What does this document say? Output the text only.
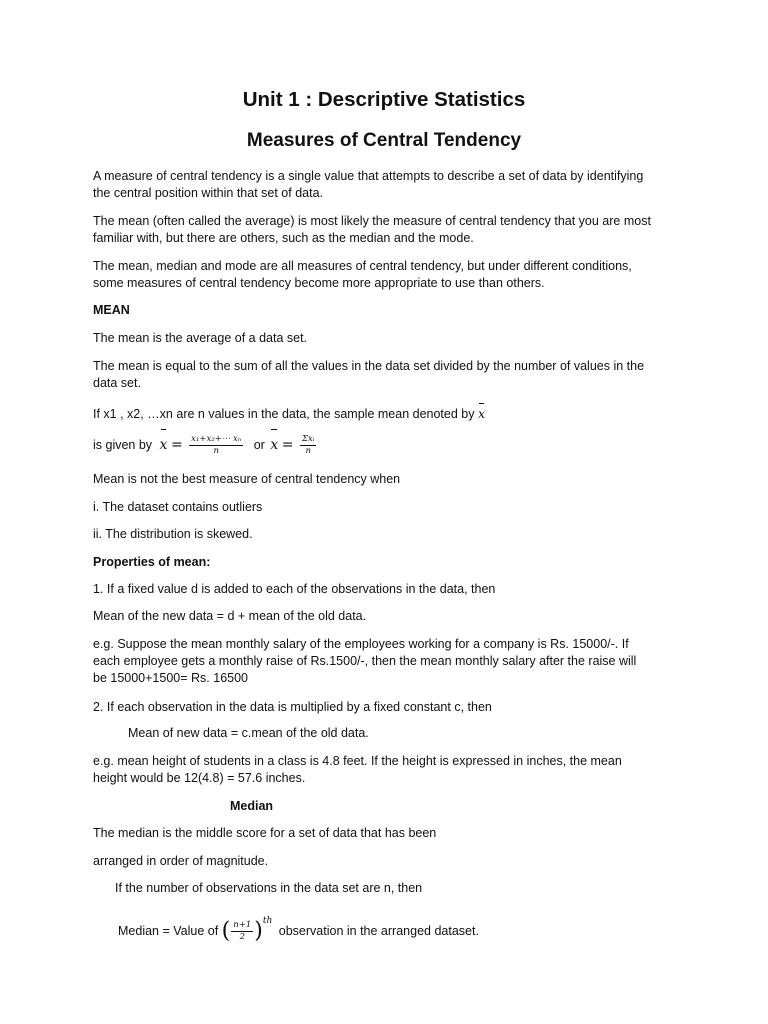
Unit 1 : Descriptive Statistics
Measures of Central Tendency
A measure of central tendency is a single value that attempts to describe a set of data by identifying
the central position within that set of data.
The mean (often called the average) is most likely the measure of central tendency that you are most
familiar with, but there are others, such as the median and the mode.
The mean, median and mode are all measures of central tendency, but under different conditions,
some measures of central tendency become more appropriate to use than others.
MEAN
The mean is the average of a data set.
The mean is equal to the sum of all the values in the data set divided by the number of values in the
data set.
If x1 , x2, …xn are n values in the data, the sample mean denoted by x
is given by $x = \frac{\text{x₁+x₂+⋯ xₙ}}{n}$ or $x = \frac{\text{Σxᵢ}}{n}$
Mean is not the best measure of central tendency when
i. The dataset contains outliers
ii. The distribution is skewed.
Properties of mean:
1. If a fixed value d is added to each of the observations in the data, then
Mean of the new data = d + mean of the old data.
e.g. Suppose the mean monthly salary of the employees working for a company is Rs. 15000/-. If
each employee gets a monthly raise of Rs.1500/-, then the mean monthly salary after the raise will
be 15000+1500= Rs. 16500
2. If each observation in the data is multiplied by a fixed constant c, then
Mean of new data = c.mean of the old data.
e.g. mean height of students in a class is 4.8 feet. If the height is expressed in inches, the mean
height would be 12(4.8) = 57.6 inches.
Median
The median is the middle score for a set of data that has been
arranged in order of magnitude.
If the number of observations in the data set are n, then
Median = Value of ( $\frac{n+1}{2} )^{th}$ observation in the arranged dataset.
